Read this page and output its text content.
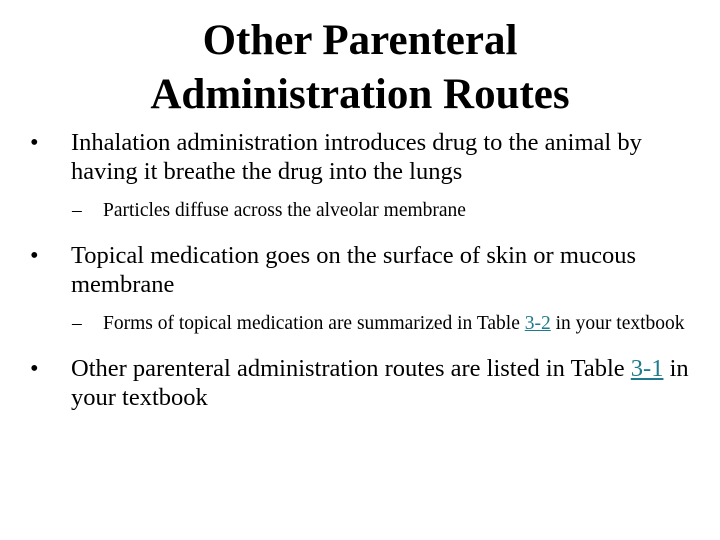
Other Parenteral
Administration Routes
• Inhalation administration introduces drug to the animal by having it breathe the drug into the lungs
– Particles diffuse across the alveolar membrane
• Topical medication goes on the surface of skin or mucous membrane
– Forms of topical medication are summarized in Table 3-2 in your textbook
• Other parenteral administration routes are listed in Table 3-1 in your textbook
